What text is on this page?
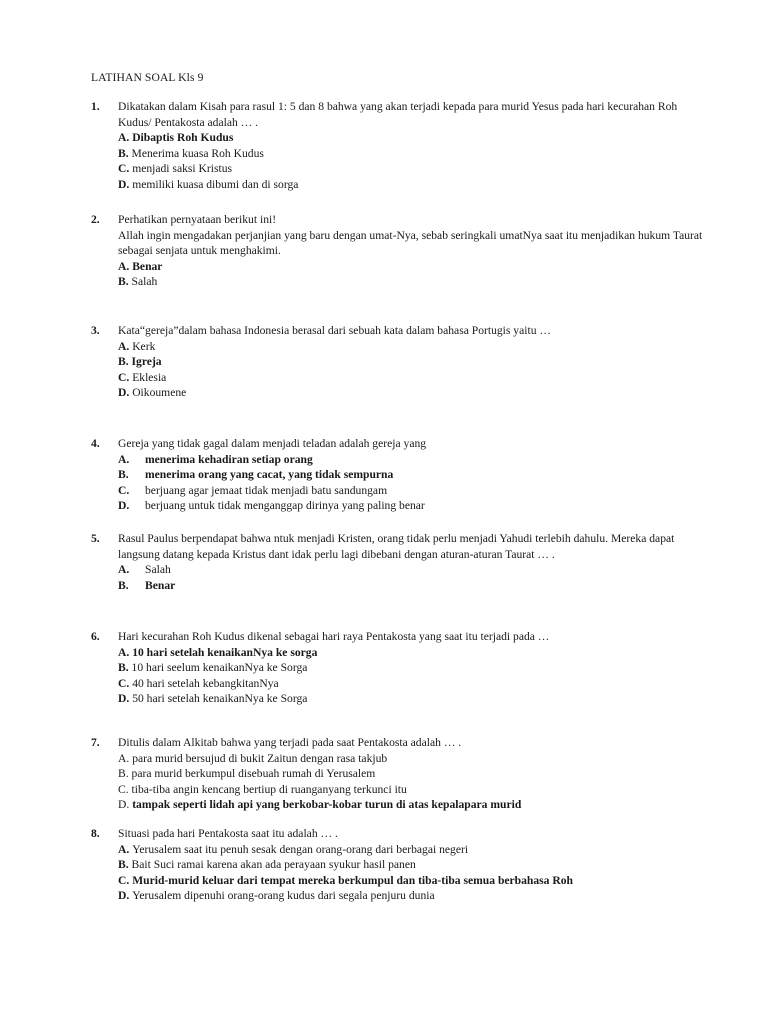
LATIHAN SOAL Kls 9
1.	Dikatakan dalam Kisah para rasul 1: 5 dan 8 bahwa yang akan terjadi kepada para murid Yesus pada hari kecurahan Roh Kudus/ Pentakosta adalah … .
A.
Dibaptis Roh Kudus
B.
Menerima kuasa Roh Kudus
C.
menjadi saksi Kristus
D.
memiliki kuasa dibumi dan di sorga
2.	Perhatikan pernyataan berikut ini!
Allah ingin mengadakan perjanjian yang baru dengan umat-Nya, sebab seringkali umatNya saat itu menjadikan hukum Taurat sebagai senjata untuk menghakimi.
A.
Benar
B.
Salah
3.	Kata“gereja”dalam bahasa Indonesia berasal dari sebuah kata dalam bahasa Portugis yaitu …
A.
Kerk
B.
Igreja
C.
Eklesia
D.
Oikoumene
4.	Gereja yang tidak gagal dalam menjadi teladan adalah gereja yang
A.	menerima kehadiran setiap orang
B.	menerima orang yang cacat, yang tidak sempurna
C.	berjuang agar jemaat tidak menjadi batu sandungam
D.	berjuang untuk tidak menganggap dirinya yang paling benar
5.	Rasul Paulus berpendapat bahwa ntuk menjadi Kristen, orang tidak perlu menjadi Yahudi terlebih dahulu. Mereka dapat langsung datang kepada Kristus dant idak perlu lagi dibebani dengan aturan-aturan Taurat … .
A.	Salah
B.	Benar
6.	Hari kecurahan Roh Kudus dikenal sebagai hari raya Pentakosta yang saat itu terjadi pada …
A.
10 hari setelah kenaikanNya ke sorga
B.
10 hari seelum kenaikanNya ke Sorga
C.
40 hari setelah kebangkitanNya
D.
50 hari setelah kenaikanNya ke Sorga
7.	Ditulis dalam Alkitab bahwa yang terjadi pada saat Pentakosta adalah … .
A.
para murid bersujud di bukit Zaitun dengan rasa takjub
B.
para murid berkumpul disebuah rumah di Yerusalem
C.
tiba-tiba angin kencang bertiup di ruanganyang terkunci itu
D.
tampak seperti lidah api yang berkobar-kobar turun di atas kepalapara murid
8.	Situasi pada hari Pentakosta saat itu adalah … .
A.
Yerusalem saat itu penuh sesak dengan orang-orang dari berbagai negeri
B.
Bait Suci ramai karena akan ada perayaan syukur hasil panen
C.
Murid-murid keluar dari tempat mereka berkumpul dan tiba-tiba semua berbahasa Roh
D.
Yerusalem dipenuhi orang-orang kudus dari segala penjuru dunia
